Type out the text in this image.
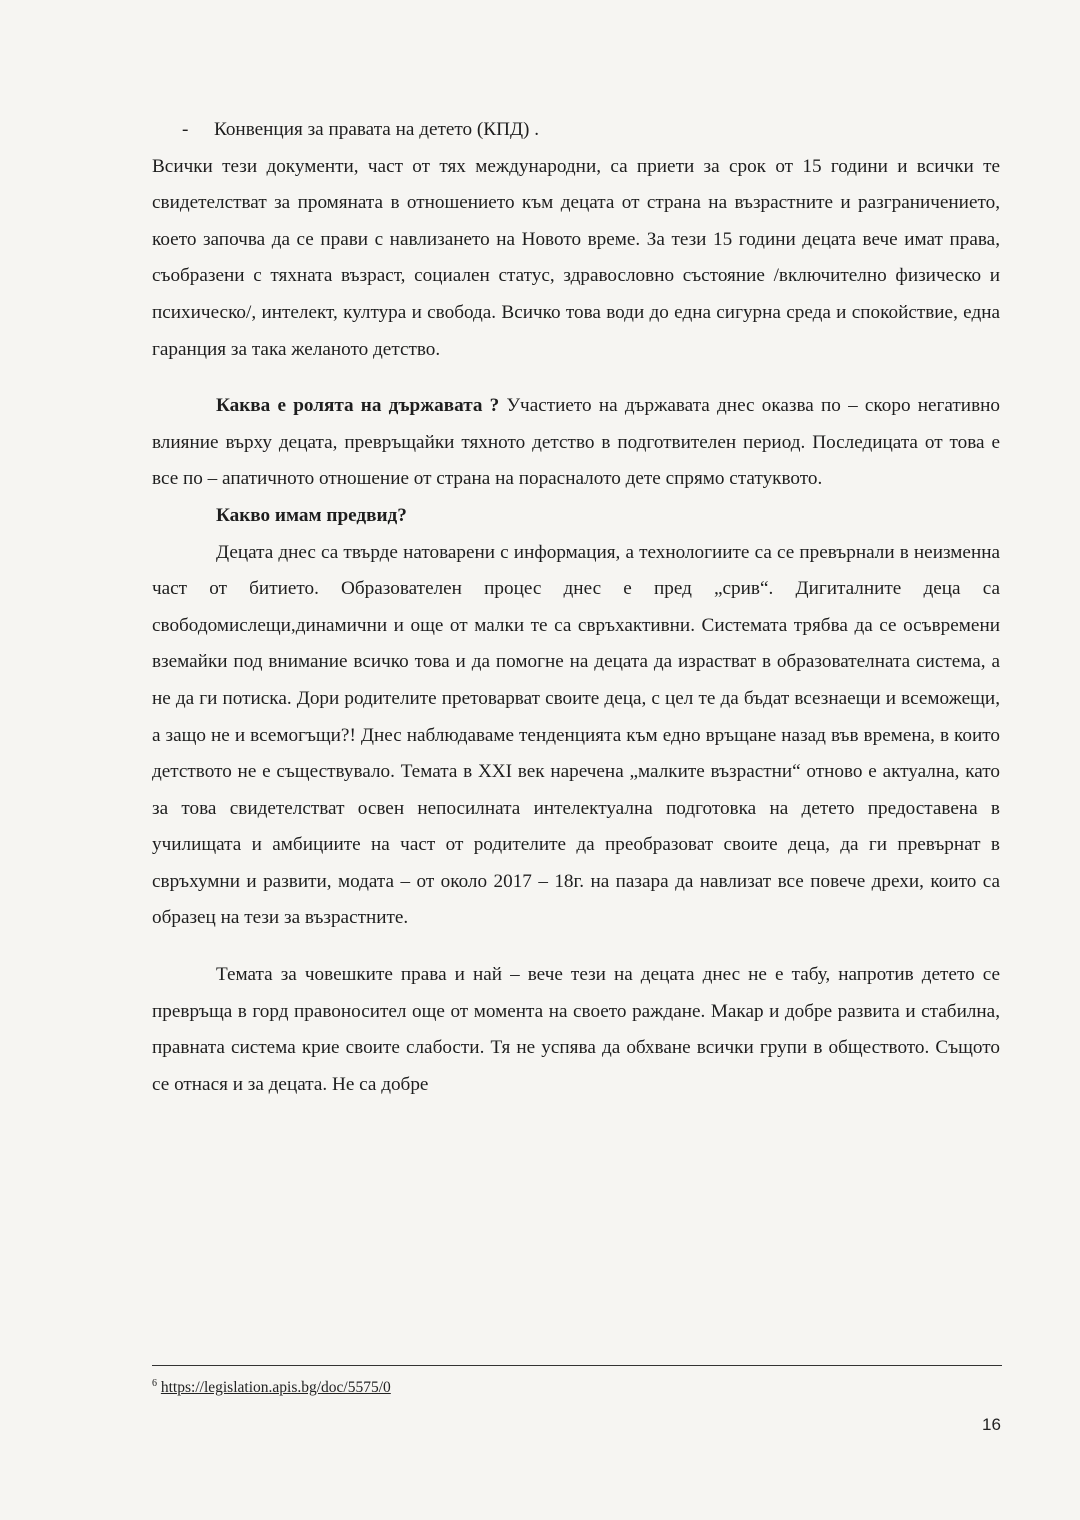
-	Конвенция за правата на детето (КПД) .

Всички тези документи, част от тях международни, са приети за срок от 15 години и всички те свидетелстват за промяната в отношението към децата от страна на възрастните и разграничението, което започва да се прави с навлизането на Новото време. За тези 15 години децата вече имат права, съобразени с тяхната възраст, социален статус, здравословно състояние /включително физическо и психическо/, интелект, култура и свобода. Всичко това води до една сигурна среда и спокойствие, една гаранция за така желаното детство.

Каква е ролята на държавата ? Участието на държавата днес оказва по – скоро негативно влияние върху децата, превръщайки тяхното детство в подготвителен период. Последицата от това е все по – апатичното отношение от страна на порасналото дете спрямо статуквото.

Какво имам предвид?

Децата днес са твърде натоварени с информация, а технологиите са се превърнали в неизменна част от битието. Образователен процес днес е пред „срив“. Дигиталните деца са свободомислещи,динамични и още от малки те са свръхактивни. Системата трябва да се осъвремени вземайки под внимание всичко това и да помогне на децата да израстват в образователната система, а не да ги потиска. Дори родителите претоварват своите деца, с цел те да бъдат всезнаещи и всеможещи, а защо не и всемогъщи?! Днес наблюдаваме тенденцията към едно връщане назад във времена, в които детството не е съществувало. Темата в XXI век наречена „малките възрастни“ отново е актуална, като за това свидетелстват освен непосилната интелектуална подготовка на детето предоставена в училищата и амбициите на част от родителите да преобразоват своите деца, да ги превърнат в свръхумни и развити, модата – от около 2017 – 18г. на пазара да навлизат все повече дрехи, които са образец на тези за възрастните.

Темата за човешките права и най – вече тези на децата днес не е табу, напротив детето се превръща в горд правоносител още от момента на своето раждане. Макар и добре развита и стабилна, правната система крие своите слабости. Тя не успява да обхване всички групи в обществото. Същото се отнася и за децата. Не са добре

$^6$ https://legislation.apis.bg/doc/5575/0
16
